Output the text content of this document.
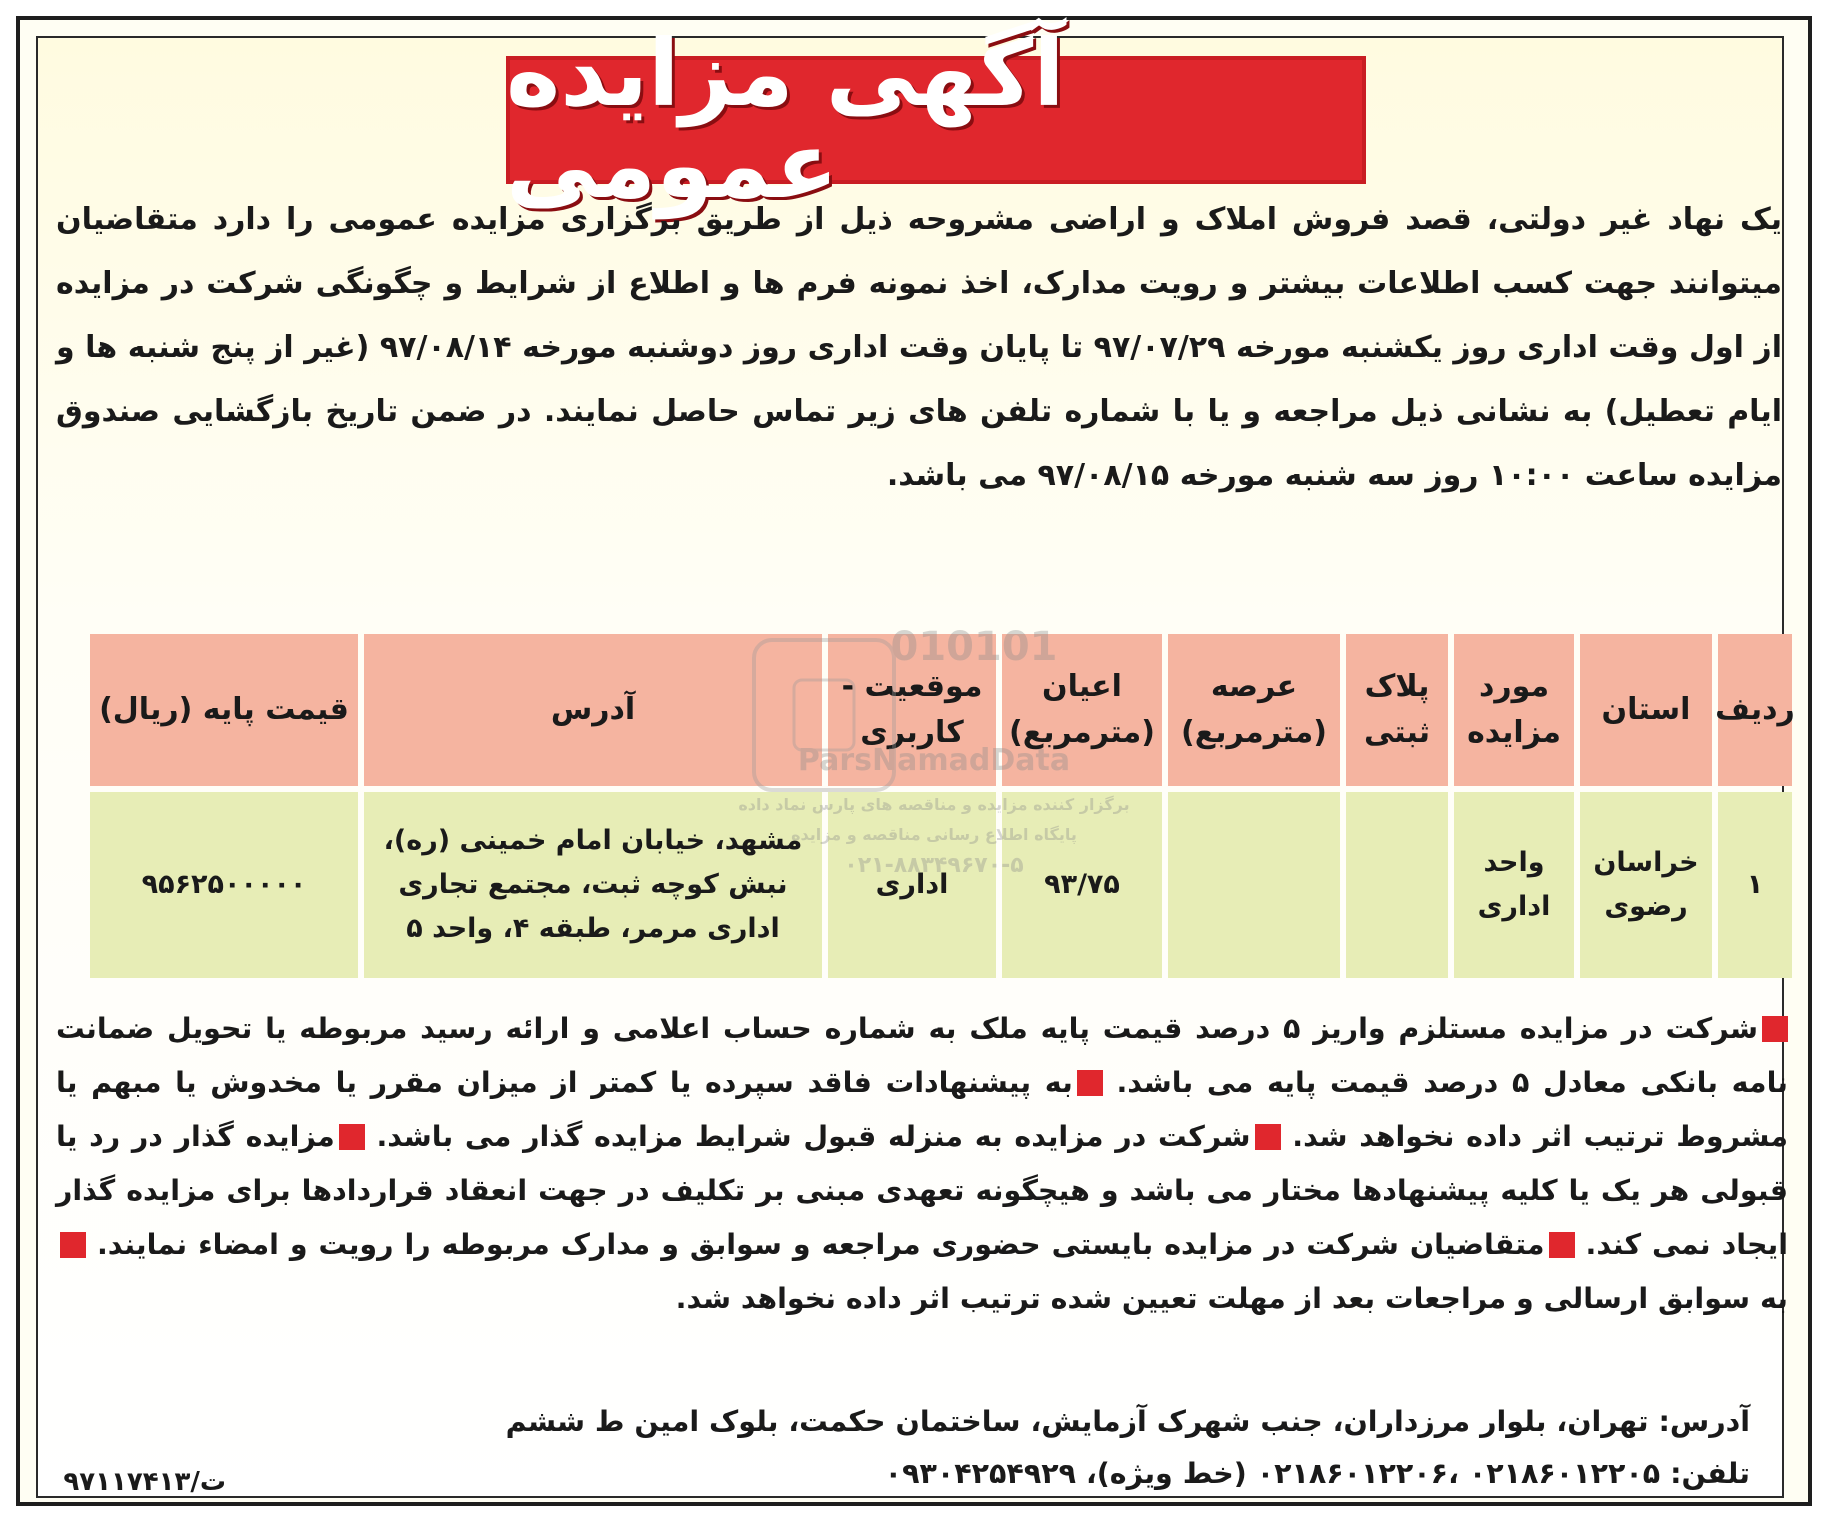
آگهی مزایده عمومی
یک نهاد غیر دولتی، قصد فروش املاک و اراضی مشروحه ذیل از طریق برگزاری مزایده عمومی را دارد متقاضیان میتوانند جهت کسب اطلاعات بیشتر و رویت مدارک، اخذ نمونه فرم ها و اطلاع از شرایط و چگونگی شرکت در مزایده از اول وقت اداری روز یکشنبه مورخه ۹۷/۰۷/۲۹ تا پایان وقت اداری روز دوشنبه مورخه ۹۷/۰۸/۱۴ (غیر از پنج شنبه ها و ایام تعطیل) به نشانی ذیل مراجعه و یا با شماره تلفن های زیر تماس حاصل نمایند. در ضمن تاریخ بازگشایی صندوق مزایده ساعت ۱۰:۰۰ روز سه شنبه مورخه ۹۷/۰۸/۱۵ می باشد.
ردیف
استان
مورد مزایده
پلاک ثبتی
عرصه (مترمربع)
اعیان (مترمربع)
موقعیت - کاربری
آدرس
قیمت پایه (ریال)
۱
خراسان رضوی
واحد اداری
۹۳/۷۵
اداری
مشهد، خیابان امام خمینی (ره)، نبش کوچه ثبت، مجتمع تجاری اداری مرمر، طبقه ۴، واحد ۵
۹۵۶۲۵۰۰۰۰۰
010101
ParsNamadData
برگزار کننده مزایده و مناقصه های پارس نماد داده
پایگاه اطلاع رسانی مناقصه و مزایده
۰۲۱-۸۸۳۴۹۶۷۰-۵
شرکت در مزایده مستلزم واریز ۵ درصد قیمت پایه ملک به شماره حساب اعلامی و ارائه رسید مربوطه یا تحویل ضمانت نامه بانکی معادل ۵ درصد قیمت پایه می باشد. به پیشنهادات فاقد سپرده یا کمتر از میزان مقرر یا مخدوش یا مبهم یا مشروط ترتیب اثر داده نخواهد شد. شرکت در مزایده به منزله قبول شرایط مزایده گذار می باشد. مزایده گذار در رد یا قبولی هر یک یا کلیه پیشنهادها مختار می باشد و هیچگونه تعهدی مبنی بر تکلیف در جهت انعقاد قراردادها برای مزایده گذار ایجاد نمی کند. متقاضیان شرکت در مزایده بایستی حضوری مراجعه و سوابق و مدارک مربوطه را رویت و امضاء نمایند. به سوابق ارسالی و مراجعات بعد از مهلت تعیین شده ترتیب اثر داده نخواهد شد.
آدرس: تهران، بلوار مرزداران، جنب شهرک آزمایش، ساختمان حکمت، بلوک امین ط ششم
تلفن: ۰۲۱۸۶۰۱۲۲۰۵ ،۰۲۱۸۶۰۱۲۲۰۶ (خط ویژه)، ۰۹۳۰۴۲۵۴۹۲۹
ت/۹۷۱۱۷۴۱۳
